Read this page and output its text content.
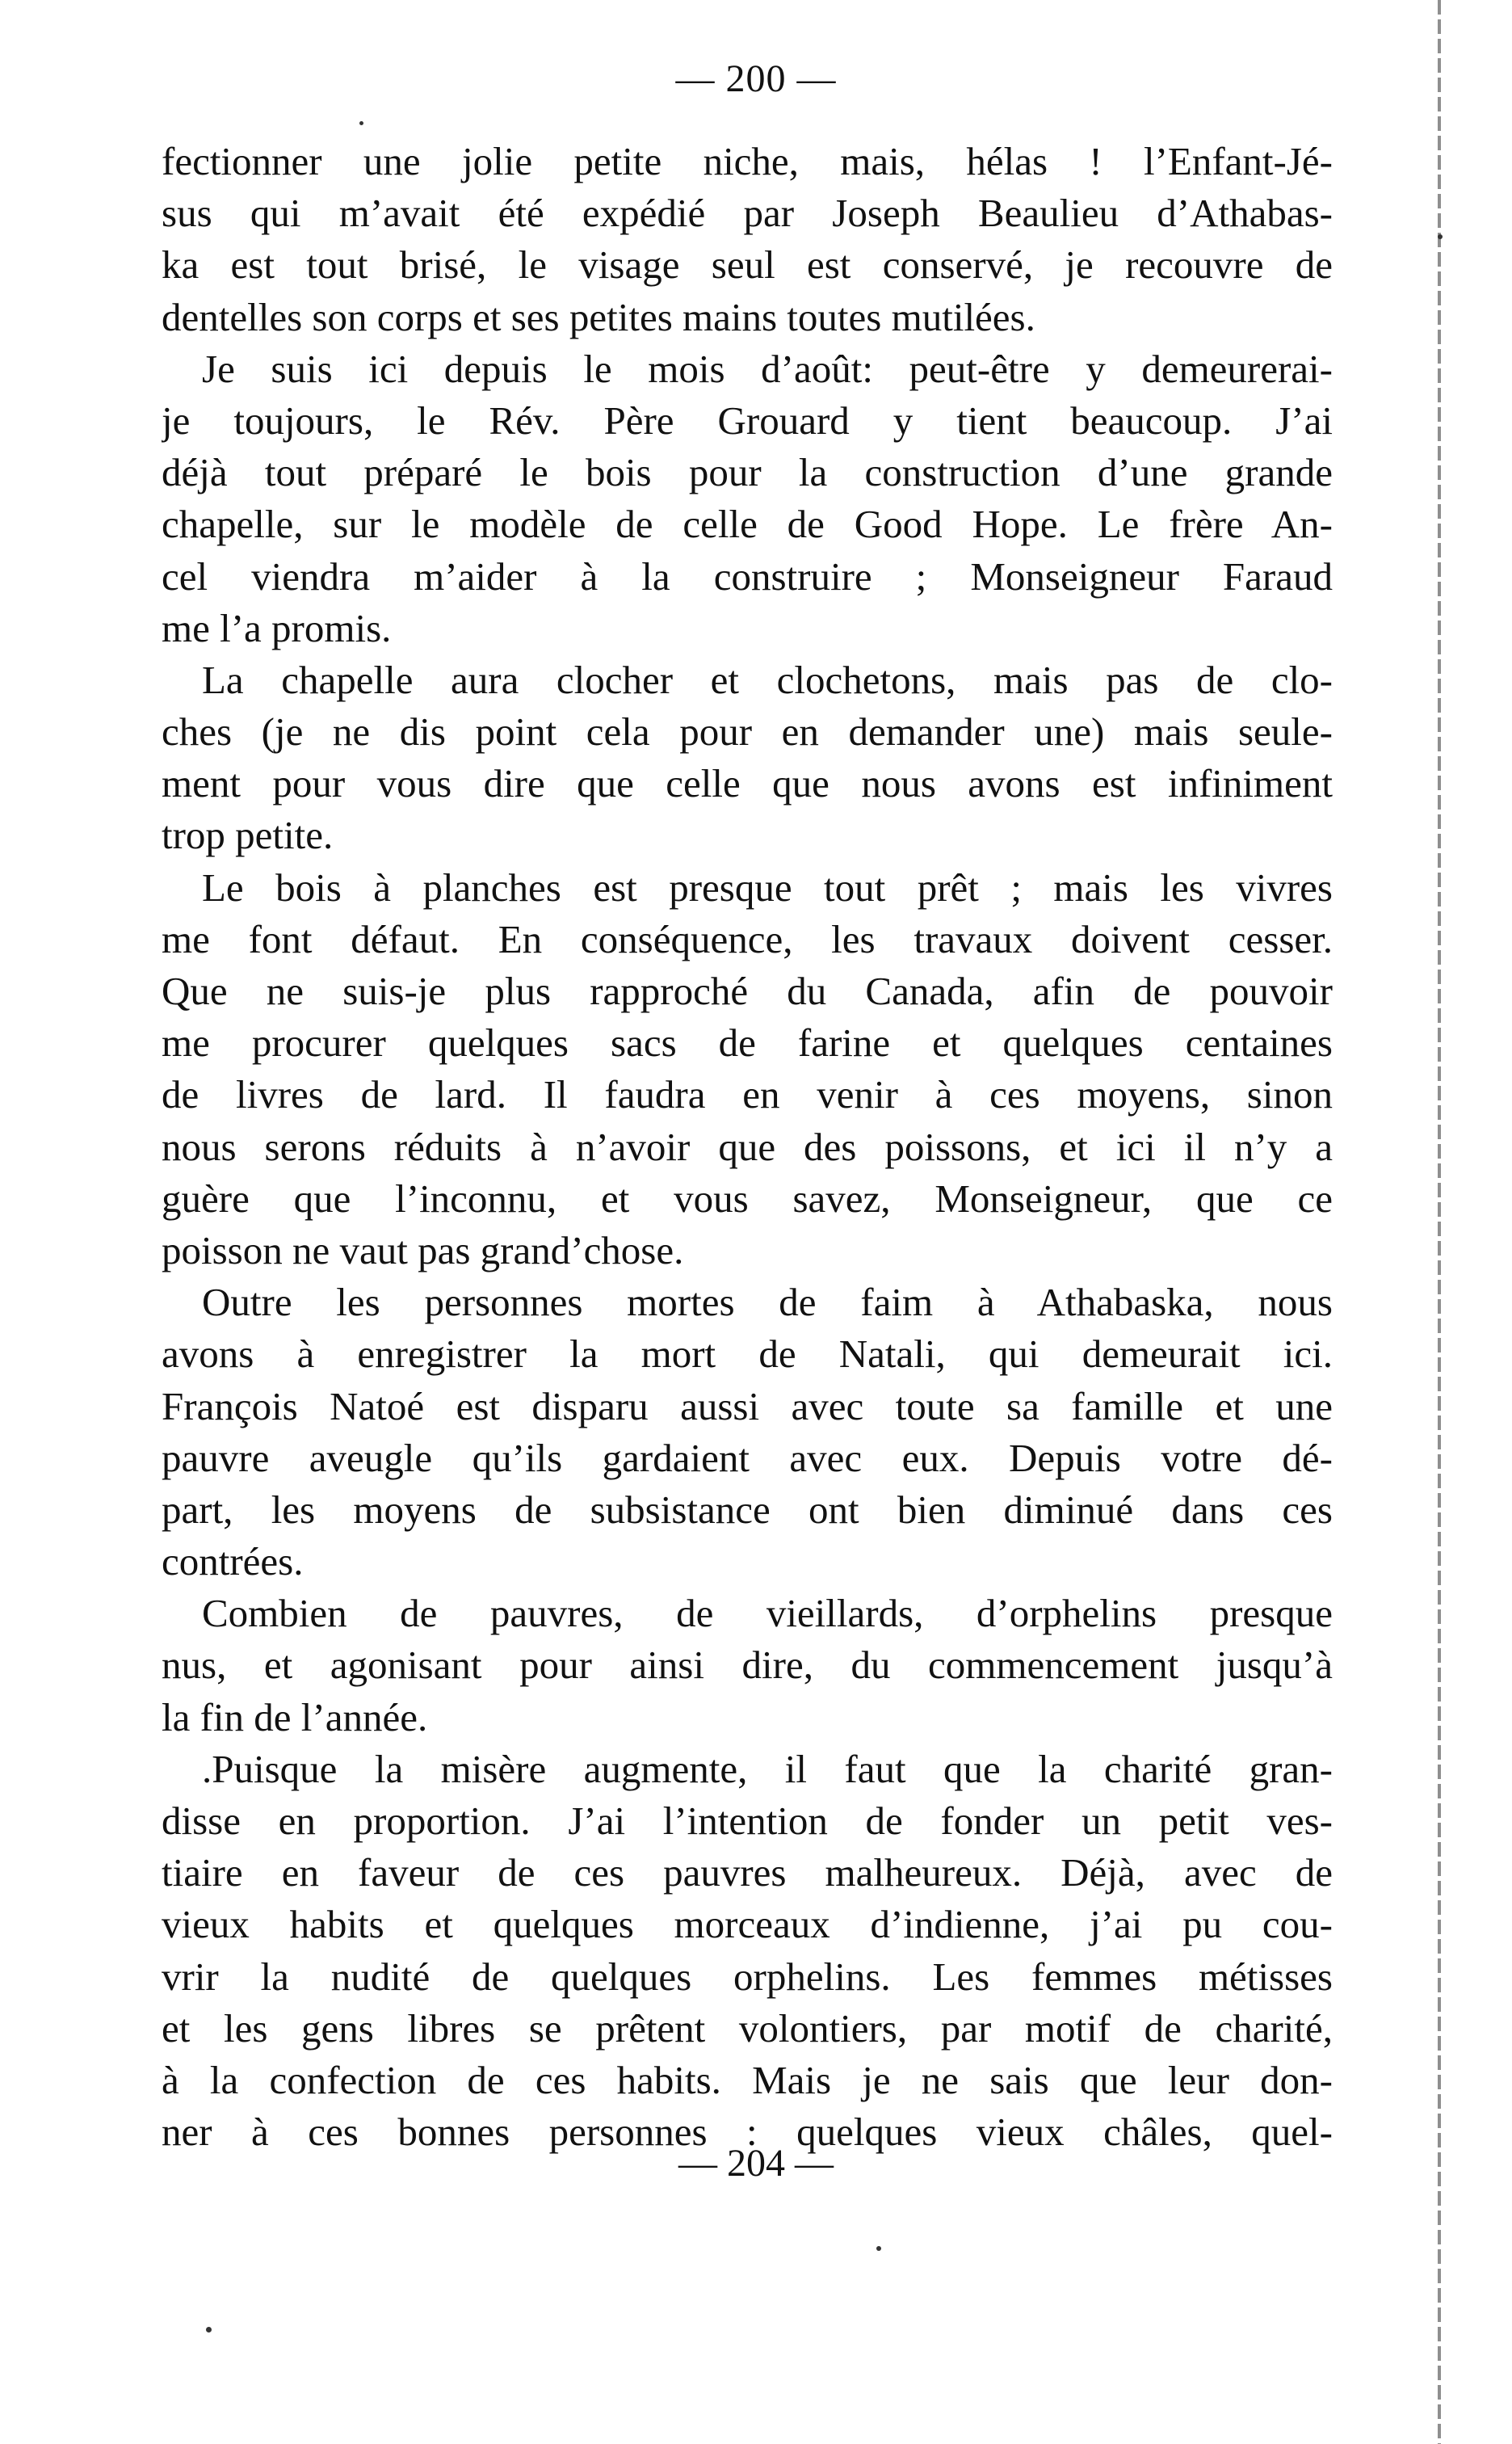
— 200 —
fectionner une jolie petite niche, mais, hélas ! l’Enfant-Jé-
sus qui m’avait été expédié par Joseph Beaulieu d’Athabas-
ka est tout brisé, le visage seul est conservé, je recouvre de
dentelles son corps et ses petites mains toutes mutilées.
Je suis ici depuis le mois d’août: peut-être y demeurerai-
je toujours, le Rév. Père Grouard y tient beaucoup. J’ai
déjà tout préparé le bois pour la construction d’une grande
chapelle, sur le modèle de celle de Good Hope. Le frère An-
cel viendra m’aider à la construire ; Monseigneur Faraud
me l’a promis.
La chapelle aura clocher et clochetons, mais pas de clo-
ches (je ne dis point cela pour en demander une) mais seule-
ment pour vous dire que celle que nous avons est infiniment
trop petite.
Le bois à planches est presque tout prêt ; mais les vivres
me font défaut. En conséquence, les travaux doivent cesser.
Que ne suis-je plus rapproché du Canada, afin de pouvoir
me procurer quelques sacs de farine et quelques centaines
de livres de lard. Il faudra en venir à ces moyens, sinon
nous serons réduits à n’avoir que des poissons, et ici il n’y a
guère que l’inconnu, et vous savez, Monseigneur, que ce
poisson ne vaut pas grand’chose.
Outre les personnes mortes de faim à Athabaska, nous
avons à enregistrer la mort de Natali, qui demeurait ici.
François Natoé est disparu aussi avec toute sa famille et une
pauvre aveugle qu’ils gardaient avec eux. Depuis votre dé-
part, les moyens de subsistance ont bien diminué dans ces
contrées.
Combien de pauvres, de vieillards, d’orphelins presque
nus, et agonisant pour ainsi dire, du commencement jusqu’à
la fin de l’année.
.Puisque la misère augmente, il faut que la charité gran-
disse en proportion. J’ai l’intention de fonder un petit ves-
tiaire en faveur de ces pauvres malheureux. Déjà, avec de
vieux habits et quelques morceaux d’indienne, j’ai pu cou-
vrir la nudité de quelques orphelins. Les femmes métisses
et les gens libres se prêtent volontiers, par motif de charité,
à la confection de ces habits. Mais je ne sais que leur don-
ner à ces bonnes personnes : quelques vieux châles, quel-
— 204 —
